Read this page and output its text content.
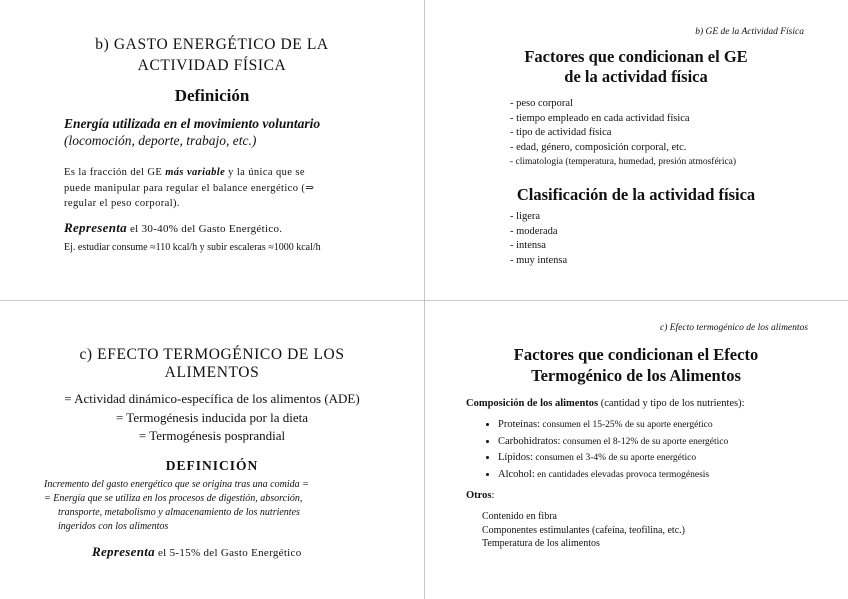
b) GASTO ENERGÉTICO DE LA
ACTIVIDAD FÍSICA
Definición
Energía utilizada en el movimiento voluntario
(locomoción, deporte, trabajo, etc.)
Es la fracción del GE más variable y la única que se
puede manipular para regular el balance energético (⇒
regular el peso corporal).
Representa el 30-40% del Gasto Energético.
Ej. estudiar consume ≈110 kcal/h y subir escaleras ≈1000 kcal/h
b) GE de la Actividad Física
Factores que condicionan el GE
de la actividad física
- peso corporal
- tiempo empleado en cada actividad física
- tipo de actividad física
- edad, género, composición corporal, etc.
- climatología (temperatura, humedad, presión atmosférica)
Clasificación de la actividad física
- ligera
- moderada
- intensa
- muy intensa
c) EFECTO TERMOGÉNICO DE LOS
ALIMENTOS
= Actividad dinámico-específica de los alimentos (ADE)
= Termogénesis inducida por la dieta
= Termogénesis posprandial
DEFINICIÓN
Incremento del gasto energético que se origina tras una comida =
= Energía que se utiliza en los procesos de digestión, absorción,
transporte, metabolismo y almacenamiento de los nutrientes
ingeridos con los alimentos
Representa el 5-15% del Gasto Energético
c) Efecto termogénico de los alimentos
Factores que condicionan el Efecto
Termogénico de los Alimentos
Composición de los alimentos (cantidad y tipo de los nutrientes):
• Proteínas: consumen el 15-25% de su aporte energético
• Carbohidratos: consumen el 8-12% de su aporte energético
• Lípidos: consumen el 3-4% de su aporte energético
• Alcohol: en cantidades elevadas provoca termogénesis
Otros:
Contenido en fibra
Componentes estimulantes (cafeína, teofilina, etc.)
Temperatura de los alimentos
